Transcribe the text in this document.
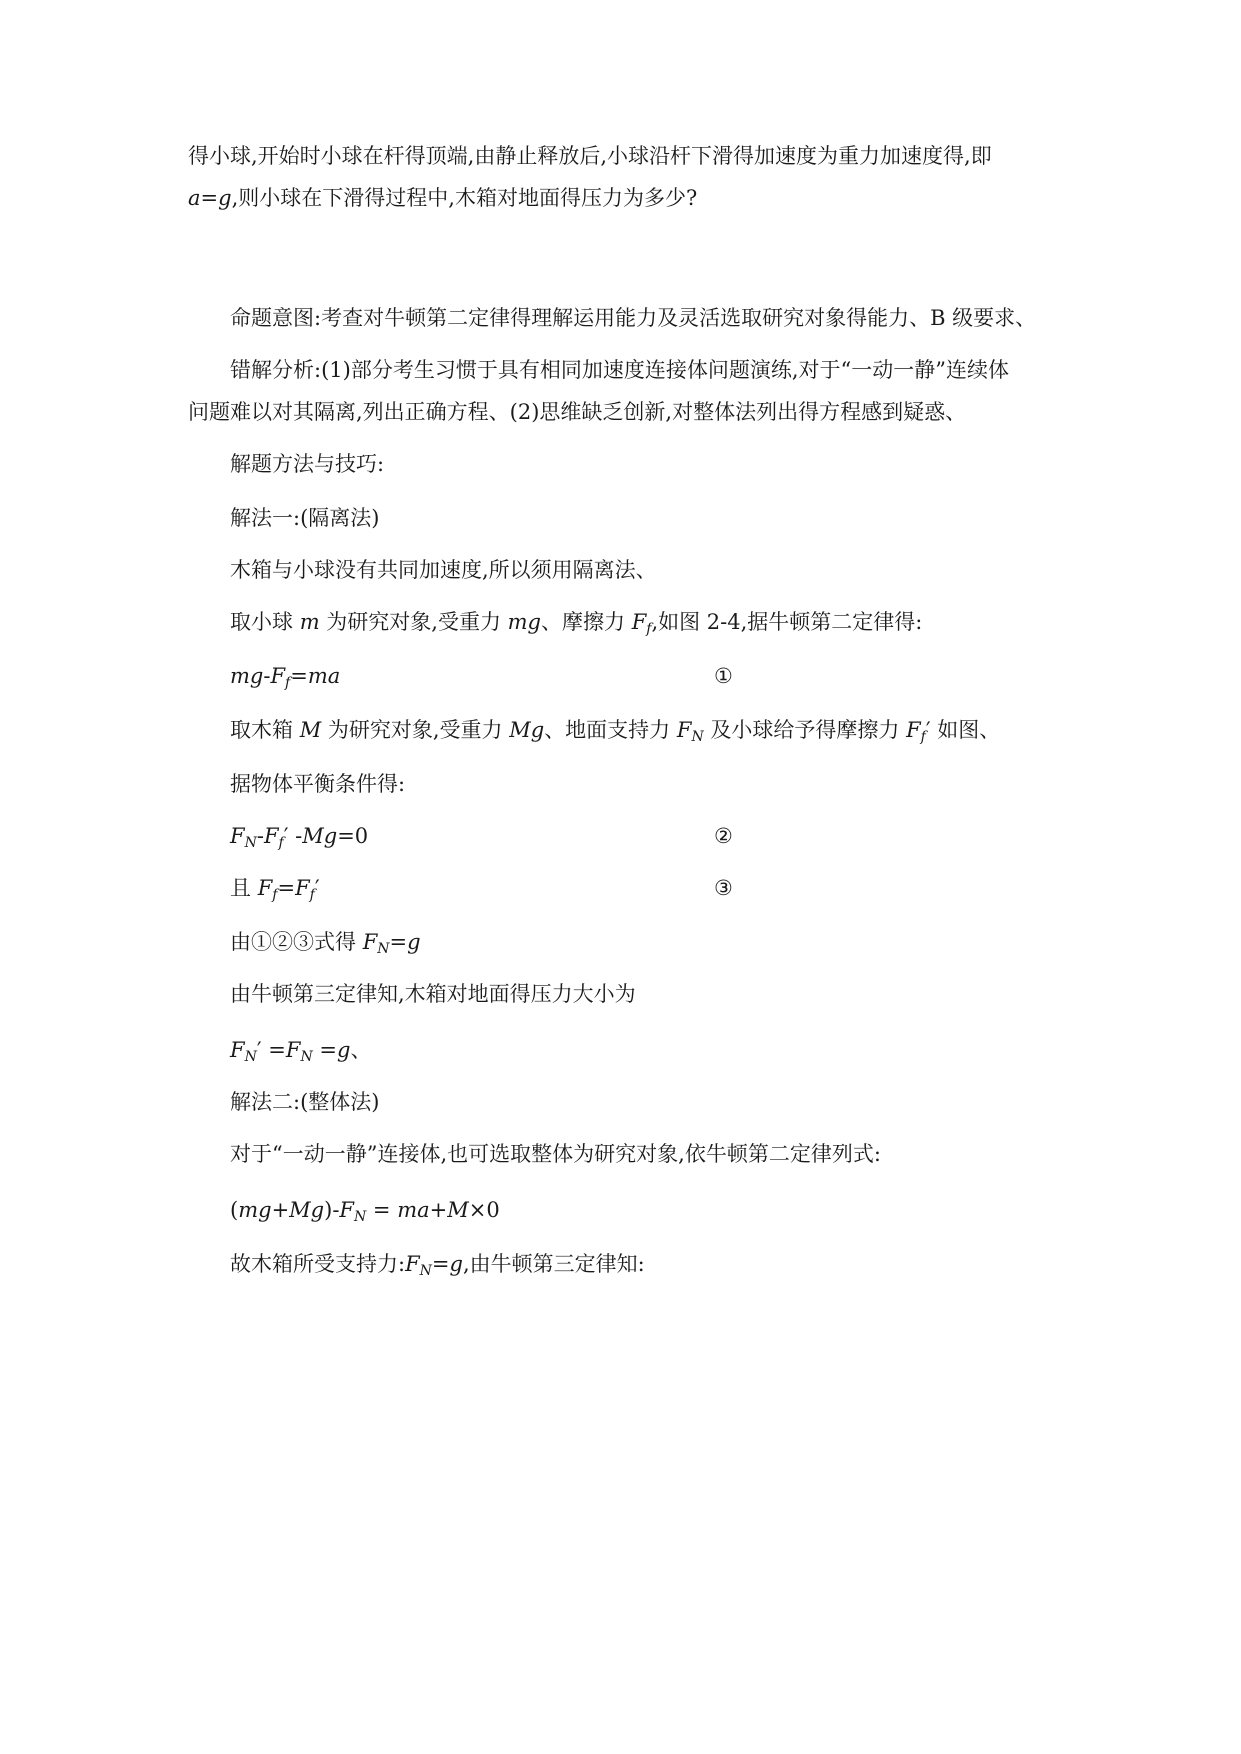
得小球,开始时小球在杆得顶端,由静止释放后,小球沿杆下滑得加速度为重力加速度得,即
a=g,则小球在下滑得过程中,木箱对地面得压力为多少?
命题意图:考查对牛顿第二定律得理解运用能力及灵活选取研究对象得能力、B 级要求、
错解分析:(1)部分考生习惯于具有相同加速度连接体问题演练,对于“一动一静”连续体
问题难以对其隔离,列出正确方程、(2)思维缺乏创新,对整体法列出得方程感到疑惑、
解题方法与技巧:
解法一:(隔离法)
木箱与小球没有共同加速度,所以须用隔离法、
取小球 m 为研究对象,受重力 mg、摩擦力 $F_f$,如图 2-4,据牛顿第二定律得:
$mg-F_f=ma$	①
取木箱 M 为研究对象,受重力 Mg、地面支持力 $F_N$ 及小球给予得摩擦力 $F_f'$ 如图、
据物体平衡条件得:
$F_N-F_f'$ -Mg=0	②
且 $F_f=F_f'$	③
由①②③式得 $F_N=g$
由牛顿第三定律知,木箱对地面得压力大小为
$F_N' =F_N =g$、
解法二:(整体法)
对于“一动一静”连接体,也可选取整体为研究对象,依牛顿第二定律列式:
$(mg+Mg)-F_N = ma+M\times 0$
故木箱所受支持力$:F_N=g$,由牛顿第三定律知:
